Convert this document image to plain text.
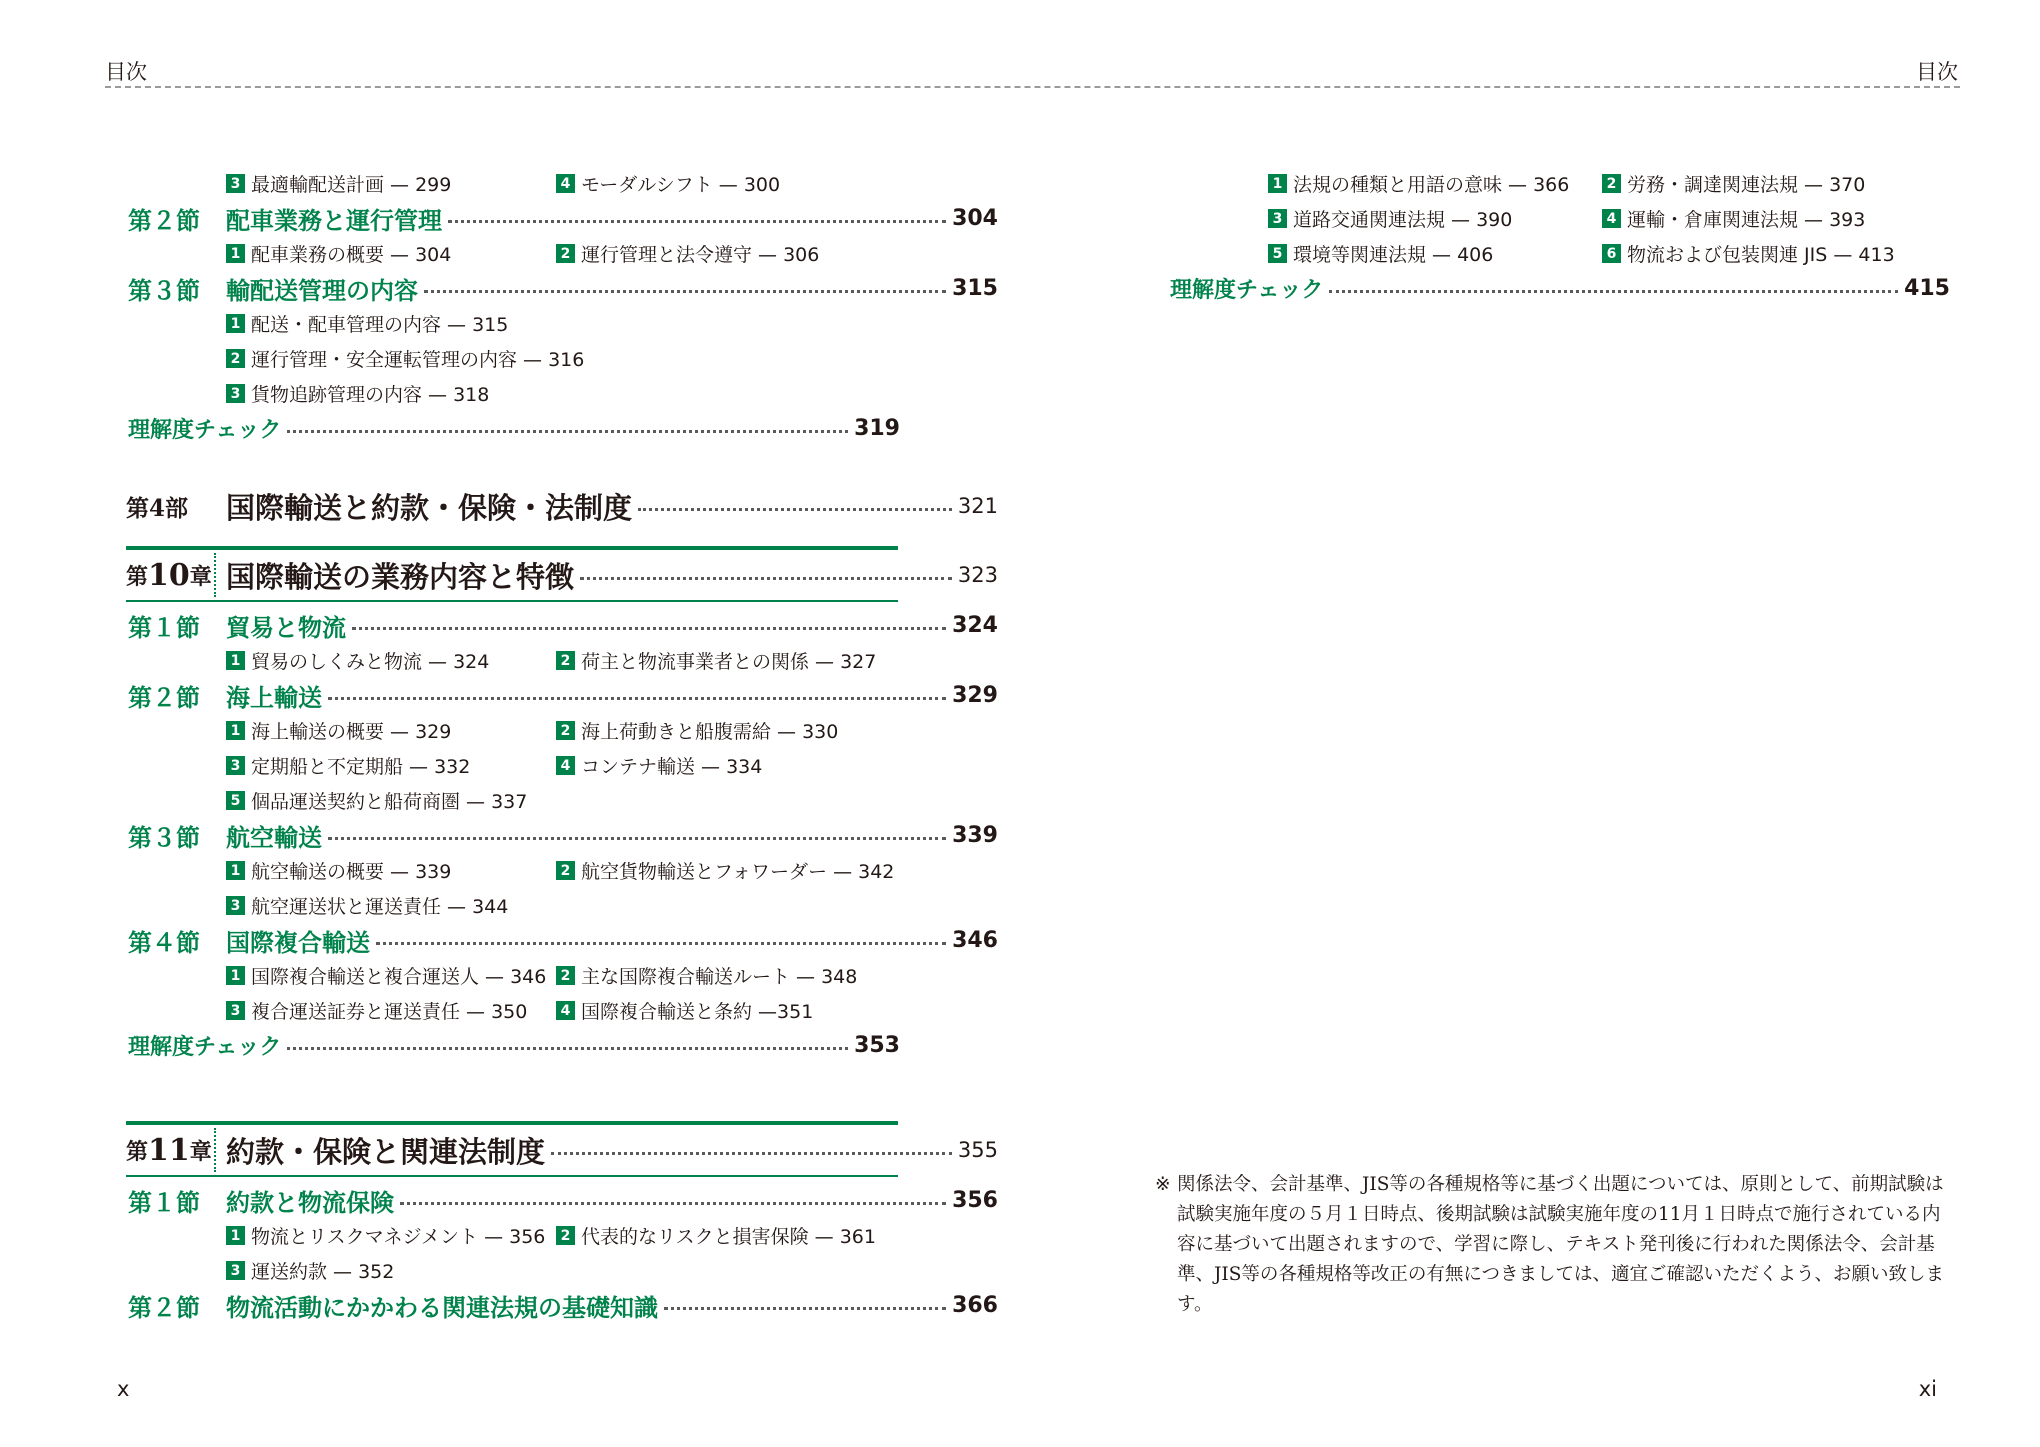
目次	目次
3 最適輸配送計画 — 299	4 モーダルシフト — 300
第２節 配車業務と運行管理	304
1 配車業務の概要 — 304	2 運行管理と法令遵守 — 306
第３節 輸配送管理の内容	315
1 配送・配車管理の内容 — 315
2 運行管理・安全運転管理の内容 — 316
3 貨物追跡管理の内容 — 318
理解度チェック	319
第4部 国際輸送と約款・保険・法制度	321
第 10 章 国際輸送の業務内容と特徴	323
第１節 貿易と物流	324
1 貿易のしくみと物流 — 324	2 荷主と物流事業者との関係 — 327
第２節 海上輸送	329
1 海上輸送の概要 — 329	2 海上荷動きと船腹需給 — 330
3 定期船と不定期船 — 332	4 コンテナ輸送 — 334
5 個品運送契約と船荷商圏 — 337
第３節 航空輸送	339
1 航空輸送の概要 — 339	2 航空貨物輸送とフォワーダー — 342
3 航空運送状と運送責任 — 344
第４節 国際複合輸送	346
1 国際複合輸送と複合運送人 — 346	2 主な国際複合輸送ルート — 348
3 複合運送証券と運送責任 — 350	4 国際複合輸送と条約 —351
理解度チェック	353
第 11 章 約款・保険と関連法制度	355
第１節 約款と物流保険	356
1 物流とリスクマネジメント — 356	2 代表的なリスクと損害保険 — 361
3 運送約款 — 352
第２節 物流活動にかかわる関連法規の基礎知識	366
1 法規の種類と用語の意味 — 366	2 労務・調達関連法規 — 370
3 道路交通関連法規 — 390	4 運輸・倉庫関連法規 — 393
5 環境等関連法規 — 406	6 物流および包装関連 JIS — 413
理解度チェック	415
※ 関係法令、会計基準、JIS等の各種規格等に基づく出題については、原則として、前期試験は試験実施年度の５月１日時点、後期試験は試験実施年度の11月１日時点で施行されている内容に基づいて出題されますので、学習に際し、テキスト発刊後に行われた関係法令、会計基準、JIS等の各種規格等改正の有無につきましては、適宜ご確認いただくよう、お願い致します。
x	xi
